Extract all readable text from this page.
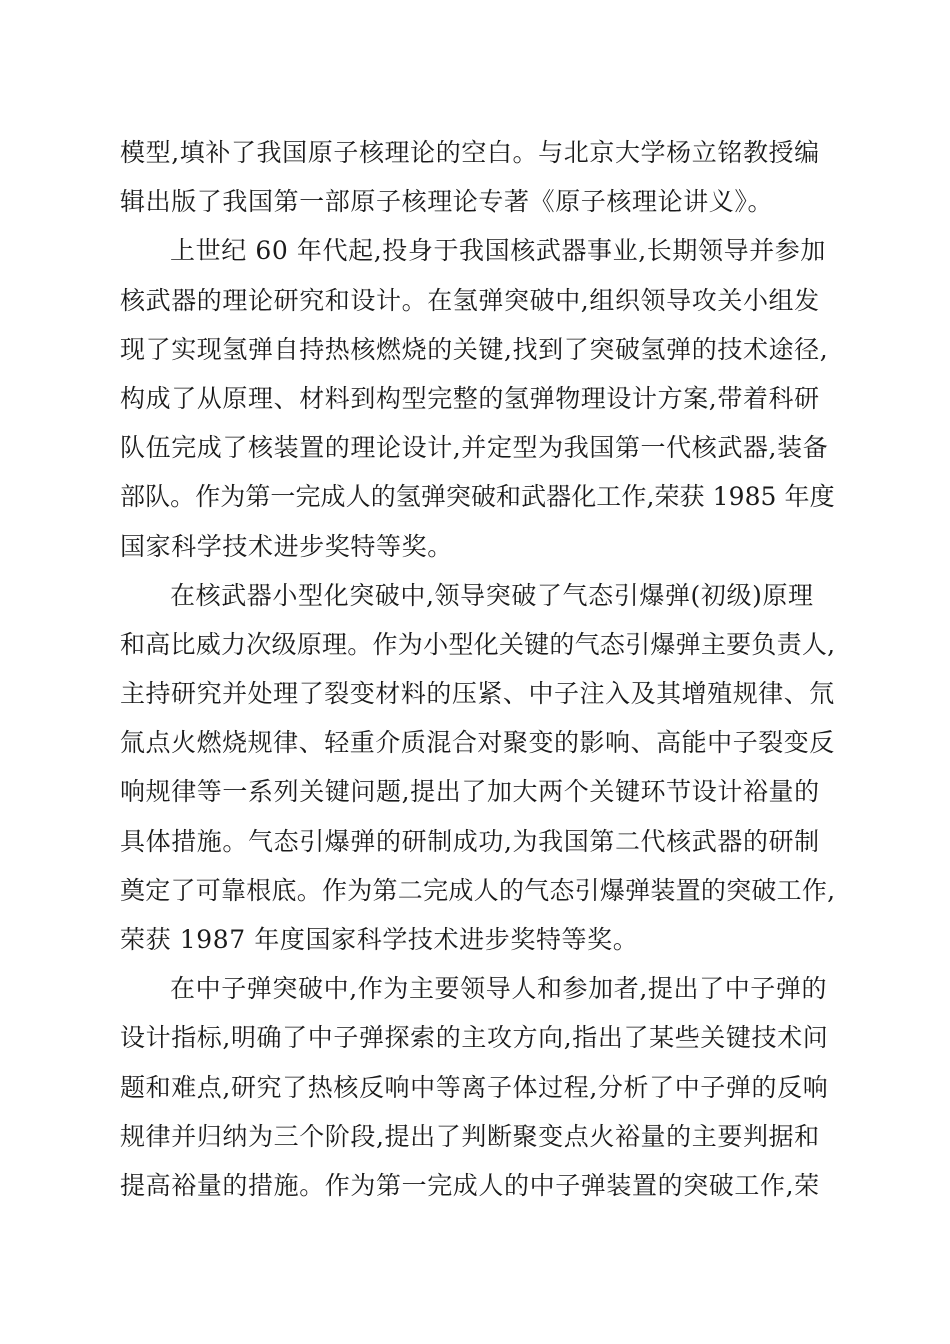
模型,填补了我国原子核理论的空白。与北京大学杨立铭教授编
辑出版了我国第一部原子核理论专著《原子核理论讲义》。
上世纪 60 年代起,投身于我国核武器事业,长期领导并参加
核武器的理论研究和设计。在氢弹突破中,组织领导攻关小组发
现了实现氢弹自持热核燃烧的关键,找到了突破氢弹的技术途径,
构成了从原理、材料到构型完整的氢弹物理设计方案,带着科研
队伍完成了核装置的理论设计,并定型为我国第一代核武器,装备
部队。作为第一完成人的氢弹突破和武器化工作,荣获 1985 年度
国家科学技术进步奖特等奖。
在核武器小型化突破中,领导突破了气态引爆弹(初级)原理
和高比威力次级原理。作为小型化关键的气态引爆弹主要负责人,
主持研究并处理了裂变材料的压紧、中子注入及其增殖规律、氘
氚点火燃烧规律、轻重介质混合对聚变的影响、高能中子裂变反
响规律等一系列关键问题,提出了加大两个关键环节设计裕量的
具体措施。气态引爆弹的研制成功,为我国第二代核武器的研制
奠定了可靠根底。作为第二完成人的气态引爆弹装置的突破工作,
荣获 1987 年度国家科学技术进步奖特等奖。
在中子弹突破中,作为主要领导人和参加者,提出了中子弹的
设计指标,明确了中子弹探索的主攻方向,指出了某些关键技术问
题和难点,研究了热核反响中等离子体过程,分析了中子弹的反响
规律并归纳为三个阶段,提出了判断聚变点火裕量的主要判据和
提高裕量的措施。作为第一完成人的中子弹装置的突破工作,荣
